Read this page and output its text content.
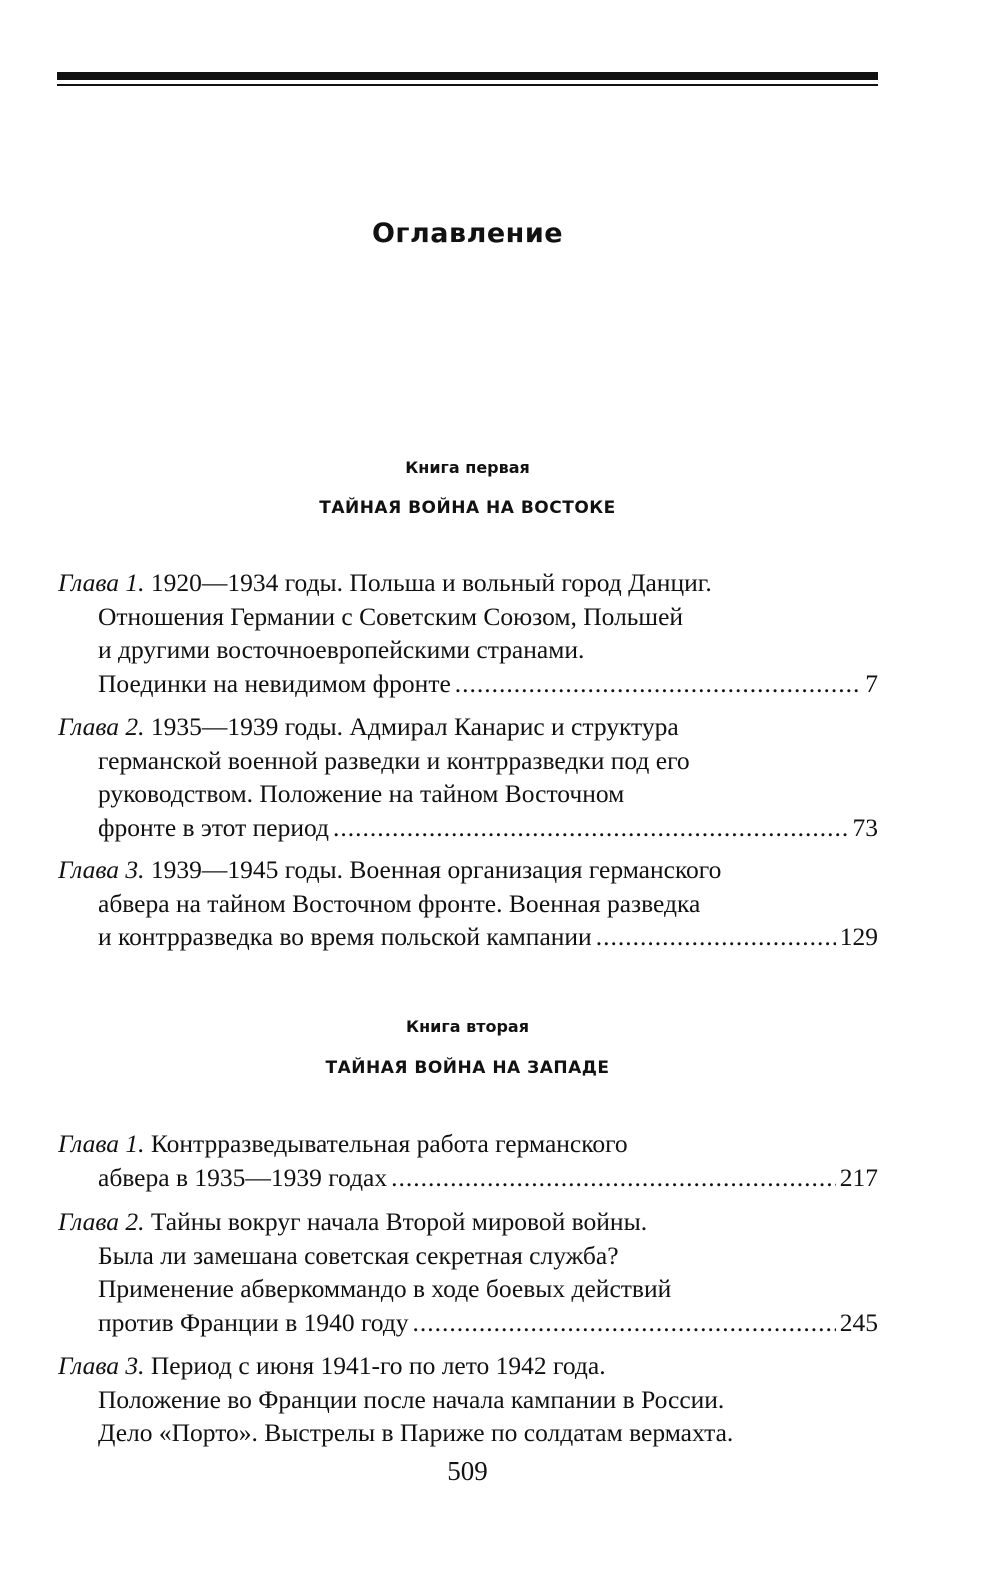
Оглавление
Книга первая
ТАЙНАЯ ВОЙНА НА ВОСТОКЕ
Глава 1. 1920—1934 годы. Польша и вольный город Данциг.
Отношения Германии с Советским Союзом, Польшей
и другими восточноевропейскими странами.
Поединки на невидимом фронте .....	7
Глава 2. 1935—1939 годы. Адмирал Канарис и структура
германской военной разведки и контрразведки под его
руководством. Положение на тайном Восточном
фронте в этот период .....	73
Глава 3. 1939—1945 годы. Военная организация германского
абвера на тайном Восточном фронте. Военная разведка
и контрразведка во время польской кампании .....	129
Книга вторая
ТАЙНАЯ ВОЙНА НА ЗАПАДЕ
Глава 1. Контрразведывательная работа германского
абвера в 1935—1939 годах .....	217
Глава 2. Тайны вокруг начала Второй мировой войны.
Была ли замешана советская секретная служба?
Применение абверкоммандо в ходе боевых действий
против Франции в 1940 году .....	245
Глава 3. Период с июня 1941-го по лето 1942 года.
Положение во Франции после начала кампании в России.
Дело «Порто». Выстрелы в Париже по солдатам вермахта.
509
